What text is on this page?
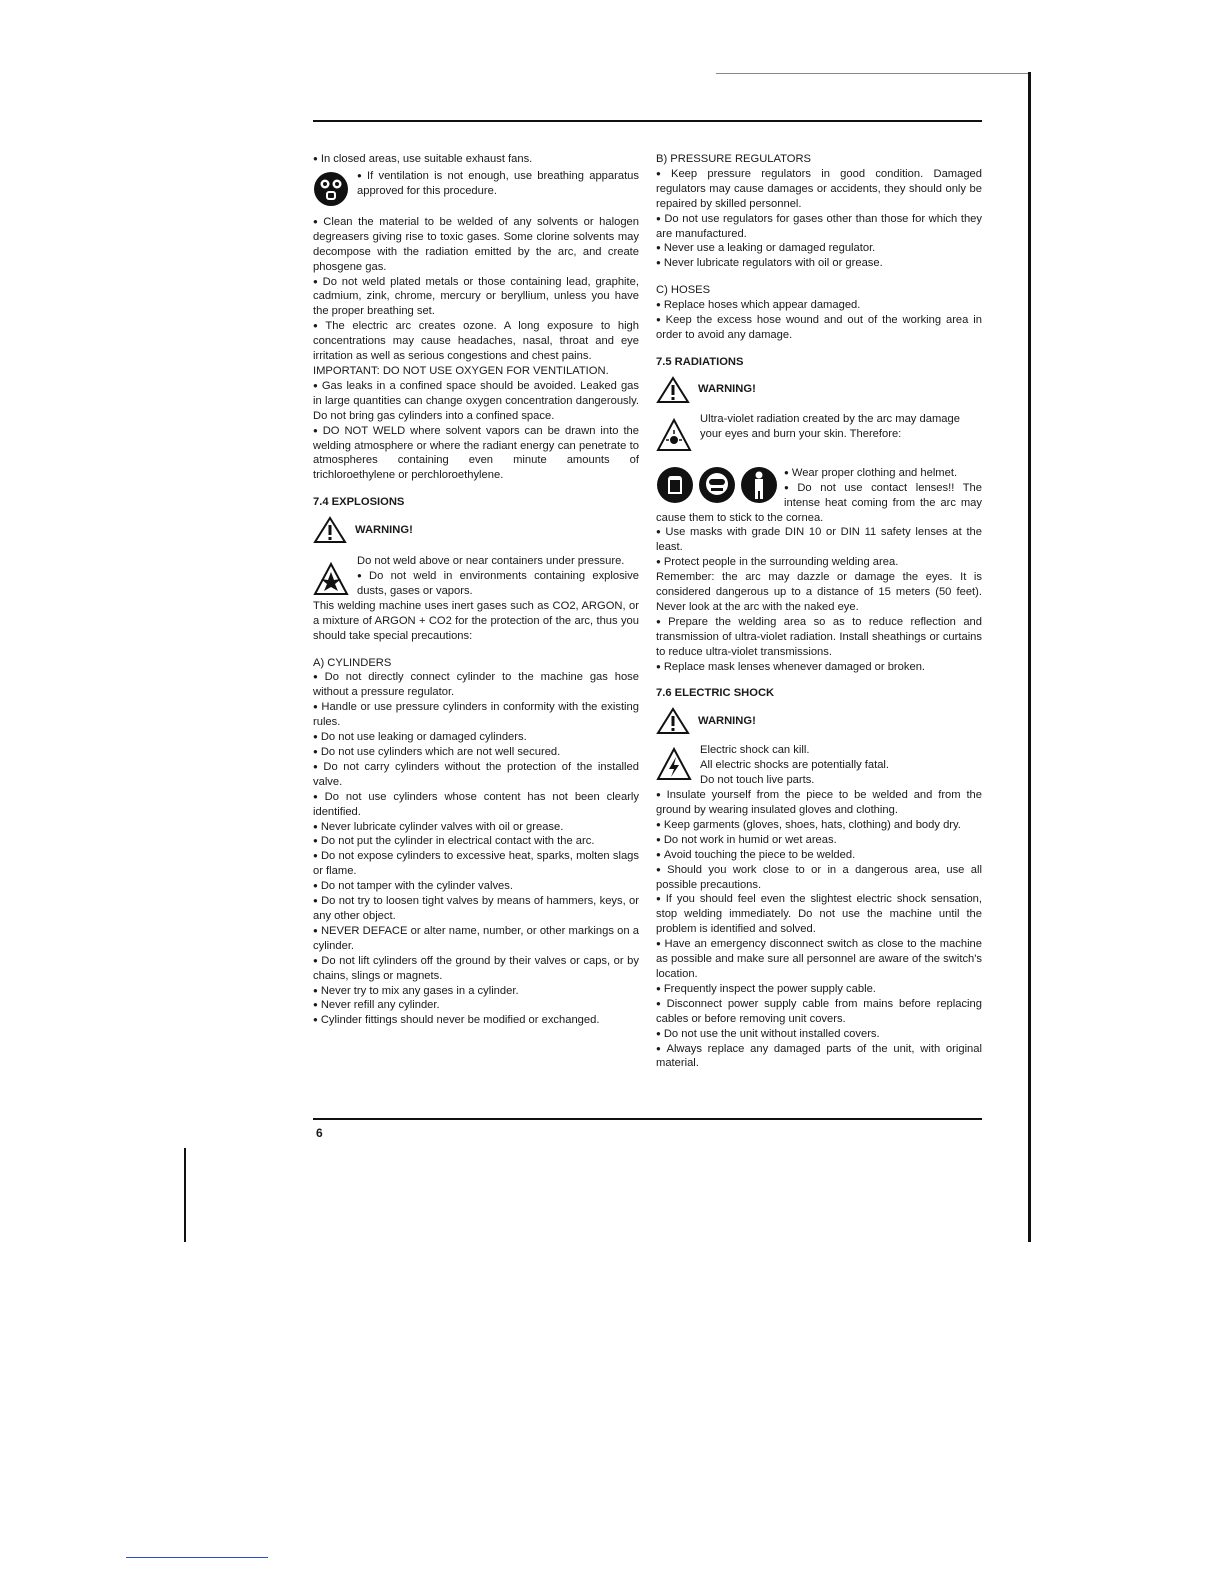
6

● In closed areas, use suitable exhaust fans.

● If ventilation is not enough, use breathing apparatus approved for this procedure.

● Clean the material to be welded of any solvents or halogen degreasers giving rise to toxic gases. Some clorine solvents may decompose with the radiation emitted by the arc, and create phosgene gas.

● Do not weld plated metals or those containing lead, graphite, cadmium, zink, chrome, mercury or beryllium, unless you have the proper breathing set.

● The electric arc creates ozone. A long exposure to high concentrations may cause headaches, nasal, throat and eye irritation as well as serious congestions and chest pains.

IMPORTANT: DO NOT USE OXYGEN FOR VENTILATION.

● Gas leaks in a confined space should be avoided. Leaked gas in large quantities can change oxygen concentration dangerously. Do not bring gas cylinders into a confined space.

● DO NOT WELD where solvent vapors can be drawn into the welding atmosphere or where the radiant energy can penetrate to atmospheres containing even minute amounts of trichloroethylene or perchloroethylene.

7.4 EXPLOSIONS

WARNING!

Do not weld above or near containers under pressure.

● Do not weld in environments containing explosive dusts, gases or vapors.

This welding machine uses inert gases such as CO2, ARGON, or a mixture of ARGON + CO2 for the protection of the arc, thus you should take special precautions:

A) CYLINDERS

● Do not directly connect cylinder to the machine gas hose without a pressure regulator.

● Handle or use pressure cylinders in conformity with the existing rules.

● Do not use leaking or damaged cylinders.

● Do not use cylinders which are not well secured.

● Do not carry cylinders without the protection of the installed valve.

● Do not use cylinders whose content has not been clearly identified.

● Never lubricate cylinder valves with oil or grease.

● Do not put the cylinder in electrical contact with the arc.

● Do not expose cylinders to excessive heat, sparks, molten slags or flame.

● Do not tamper with the cylinder valves.

● Do not try to loosen tight valves by means of hammers, keys, or any other object.

● NEVER DEFACE or alter name, number, or other markings on a cylinder.

● Do not lift cylinders off the ground by their valves or caps, or by chains, slings or magnets.

● Never try to mix any gases in a cylinder.

● Never refill any cylinder.

● Cylinder fittings should never be modified or exchanged.

B) PRESSURE REGULATORS

● Keep pressure regulators in good condition. Damaged regulators may cause damages or accidents, they should only be repaired by skilled personnel.

● Do not use regulators for gases other than those for which they are manufactured.

● Never use a leaking or damaged regulator.

● Never lubricate regulators with oil or grease.

C) HOSES

● Replace hoses which appear damaged.

● Keep the excess hose wound and out of the working area in order to avoid any damage.

7.5 RADIATIONS

WARNING!

Ultra-violet radiation created by the arc may damage your eyes and burn your skin. Therefore:

● Wear proper clothing and helmet.

● Do not use contact lenses!! The intense heat coming from the arc may cause them to stick to the cornea.

● Use masks with grade DIN 10 or DIN 11 safety lenses at the least.

● Protect people in the surrounding welding area.

Remember: the arc may dazzle or damage the eyes. It is considered dangerous up to a distance of 15 meters (50 feet). Never look at the arc with the naked eye.

● Prepare the welding area so as to reduce reflection and transmission of ultra-violet radiation. Install sheathings or curtains to reduce ultra-violet transmissions.

● Replace mask lenses whenever damaged or broken.

7.6 ELECTRIC SHOCK

WARNING!

Electric shock can kill.

All electric shocks are potentially fatal.

Do not touch live parts.

● Insulate yourself from the piece to be welded and from the ground by wearing insulated gloves and clothing.

● Keep garments (gloves, shoes, hats, clothing) and body dry.

● Do not work in humid or wet areas.

● Avoid touching the piece to be welded.

● Should you work close to or in a dangerous area, use all possible precautions.

● If you should feel even the slightest electric shock sensation, stop welding immediately. Do not use the machine until the problem is identified and solved.

● Have an emergency disconnect switch as close to the machine as possible and make sure all personnel are aware of the switch's location.

● Frequently inspect the power supply cable.

● Disconnect power supply cable from mains before replacing cables or before removing unit covers.

● Do not use the unit without installed covers.

● Always replace any damaged parts of the unit, with original material.
